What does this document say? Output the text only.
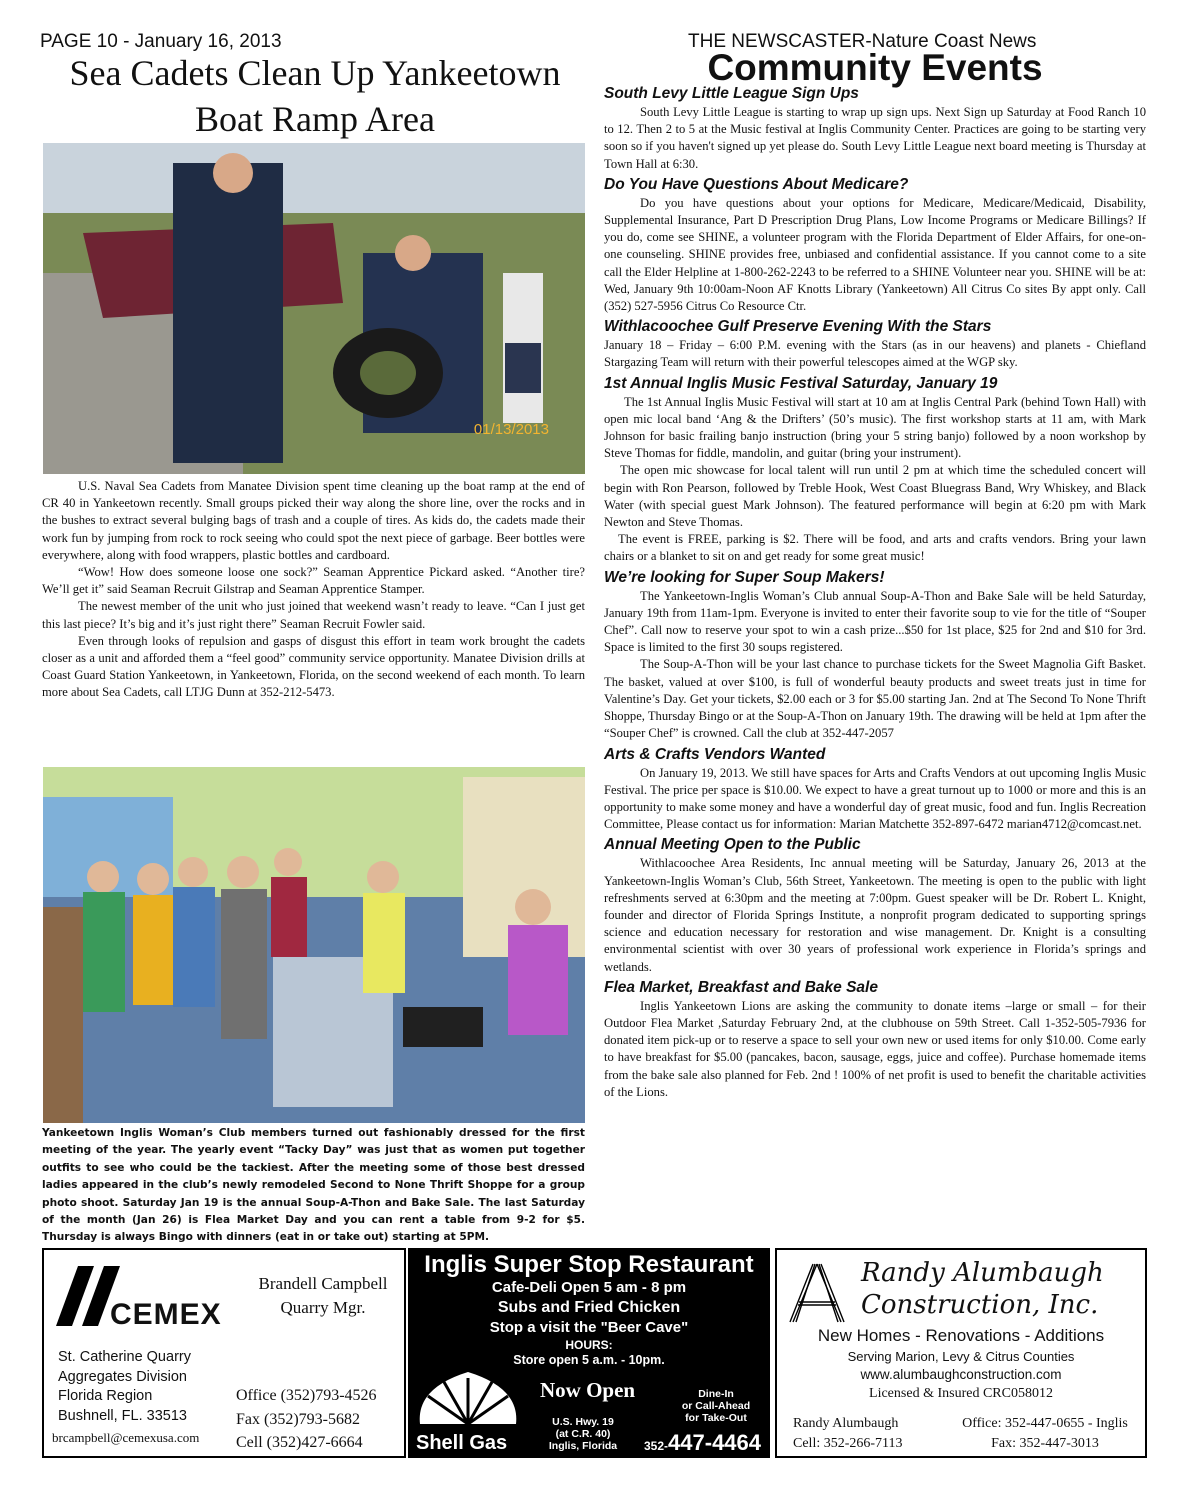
PAGE 10 - January 16, 2013	THE NEWSCASTER-Nature Coast News
Sea Cadets Clean Up Yankeetown
Boat Ramp Area
01/13/2013

U.S. Naval Sea Cadets from Manatee Division spent time cleaning up the boat ramp at the end of CR 40 in Yankeetown recently. Small groups picked their way along the shore line, over the rocks and in the bushes to extract several bulging bags of trash and a couple of tires. As kids do, the cadets made their work fun by jumping from rock to rock seeing who could spot the next piece of garbage. Beer bottles were everywhere, along with food wrappers, plastic bottles and cardboard.

“Wow! How does someone loose one sock?” Seaman Apprentice Pickard asked. “Another tire? We’ll get it” said Seaman Recruit Gilstrap and Seaman Apprentice Stamper.

The newest member of the unit who just joined that weekend wasn’t ready to leave. “Can I just get this last piece? It’s big and it’s just right there” Seaman Recruit Fowler said.

Even through looks of repulsion and gasps of disgust this effort in team work brought the cadets closer as a unit and afforded them a “feel good” community service opportunity. Manatee Division drills at Coast Guard Station Yankeetown, in Yankeetown, Florida, on the second weekend of each month. To learn more about Sea Cadets, call LTJG Dunn at 352-212-5473.

Yankeetown Inglis Woman’s Club members turned out fashionably dressed for the first meeting of the year. The yearly event “Tacky Day” was just that as women put together outfits to see who could be the tackiest. After the meeting some of those best dressed ladies appeared in the club’s newly remodeled Second to None Thrift Shoppe for a group photo shoot. Saturday Jan 19 is the annual Soup-A-Thon and Bake Sale. The last Saturday of the month (Jan 26) is Flea Market Day and you can rent a table from 9-2 for $5. Thursday is always Bingo with dinners (eat in or take out) starting at 5PM.
Community Events
South Levy Little League Sign Ups

South Levy Little League is starting to wrap up sign ups. Next Sign up Saturday at Food Ranch 10 to 12. Then 2 to 5 at the Music festival at Inglis Community Center. Practices are going to be starting very soon so if you haven't signed up yet please do. South Levy Little League next board meeting is Thursday at Town Hall at 6:30.

Do You Have Questions About Medicare?

Do you have questions about your options for Medicare, Medicare/Medicaid, Disability, Supplemental Insurance, Part D Prescription Drug Plans, Low Income Programs or Medicare Billings? If you do, come see SHINE, a volunteer program with the Florida Department of Elder Affairs, for one-on-one counseling. SHINE provides free, unbiased and confidential assistance. If you cannot come to a site call the Elder Helpline at 1-800-262-2243 to be referred to a SHINE Volunteer near you. SHINE will be at: Wed, January 9th 10:00am-Noon AF Knotts Library (Yankeetown) All Citrus Co sites By appt only. Call (352) 527-5956 Citrus Co Resource Ctr.

Withlacoochee Gulf Preserve Evening With the Stars

January 18 – Friday – 6:00 P.M. evening with the Stars (as in our heavens) and planets - Chiefland Stargazing Team will return with their powerful telescopes aimed at the WGP sky.

1st Annual Inglis Music Festival Saturday, January 19

The 1st Annual Inglis Music Festival will start at 10 am at Inglis Central Park (behind Town Hall) with open mic local band ‘Ang & the Drifters’ (50’s music). The first workshop starts at 11 am, with Mark Johnson for basic frailing banjo instruction (bring your 5 string banjo) followed by a noon workshop by Steve Thomas for fiddle, mandolin, and guitar (bring your instrument).

The open mic showcase for local talent will run until 2 pm at which time the scheduled concert will begin with Ron Pearson, followed by Treble Hook, West Coast Bluegrass Band, Wry Whiskey, and Black Water (with special guest Mark Johnson). The featured performance will begin at 6:20 pm with Mark Newton and Steve Thomas.

The event is FREE, parking is $2. There will be food, and arts and crafts vendors. Bring your lawn chairs or a blanket to sit on and get ready for some great music!

We’re looking for Super Soup Makers!

The Yankeetown-Inglis Woman’s Club annual Soup-A-Thon and Bake Sale will be held Saturday, January 19th from 11am-1pm. Everyone is invited to enter their favorite soup to vie for the title of “Souper Chef”. Call now to reserve your spot to win a cash prize...$50 for 1st place, $25 for 2nd and $10 for 3rd. Space is limited to the first 30 soups registered.

The Soup-A-Thon will be your last chance to purchase tickets for the Sweet Magnolia Gift Basket. The basket, valued at over $100, is full of wonderful beauty products and sweet treats just in time for Valentine’s Day. Get your tickets, $2.00 each or 3 for $5.00 starting Jan. 2nd at The Second To None Thrift Shoppe, Thursday Bingo or at the Soup-A-Thon on January 19th. The drawing will be held at 1pm after the “Souper Chef” is crowned. Call the club at 352-447-2057

Arts & Crafts Vendors Wanted

On January 19, 2013. We still have spaces for Arts and Crafts Vendors at out upcoming Inglis Music Festival. The price per space is $10.00. We expect to have a great turnout up to 1000 or more and this is an opportunity to make some money and have a wonderful day of great music, food and fun. Inglis Recreation Committee, Please contact us for information: Marian Matchette 352-897-6472 marian4712@comcast.net.

Annual Meeting Open to the Public

Withlacoochee Area Residents, Inc annual meeting will be Saturday, January 26, 2013 at the Yankeetown-Inglis Woman’s Club, 56th Street, Yankeetown. The meeting is open to the public with light refreshments served at 6:30pm and the meeting at 7:00pm. Guest speaker will be Dr. Robert L. Knight, founder and director of Florida Springs Institute, a nonprofit program dedicated to supporting springs science and education necessary for restoration and wise management. Dr. Knight is a consulting environmental scientist with over 30 years of professional work experience in Florida’s springs and wetlands.

Flea Market, Breakfast and Bake Sale

Inglis Yankeetown Lions are asking the community to donate items –large or small – for their Outdoor Flea Market ,Saturday February 2nd, at the clubhouse on 59th Street. Call 1-352-505-7936 for donated item pick-up or to reserve a space to sell your own new or used items for only $10.00. Come early to have breakfast for $5.00 (pancakes, bacon, sausage, eggs, juice and coffee). Purchase homemade items from the bake sale also planned for Feb. 2nd ! 100% of net profit is used to benefit the charitable activities of the Lions.

CEMEX
Brandell Campbell
Quarry Mgr.
St. Catherine Quarry
Aggregates Division
Florida Region
Bushnell, FL. 33513
brcampbell@cemexusa.com
Office (352)793-4526
Fax (352)793-5682
Cell (352)427-6664
Inglis Super Stop Restaurant
Cafe-Deli Open 5 am - 8 pm
Subs and Fried Chicken
Stop a visit the "Beer Cave"
HOURS:
Store open 5 a.m. - 10pm.
Shell Gas
Now Open
U.S. Hwy. 19
(at C.R. 40)
Inglis, Florida
Dine-In
or Call-Ahead
for Take-Out
352-447-4464
Randy Alumbaugh
Construction, Inc.
New Homes - Renovations - Additions
Serving Marion, Levy & Citrus Counties
www.alumbaughconstruction.com
Licensed & Insured CRC058012
Randy Alumbaugh
Cell: 352-266-7113
Office: 352-447-0655 - Inglis
Fax: 352-447-3013
